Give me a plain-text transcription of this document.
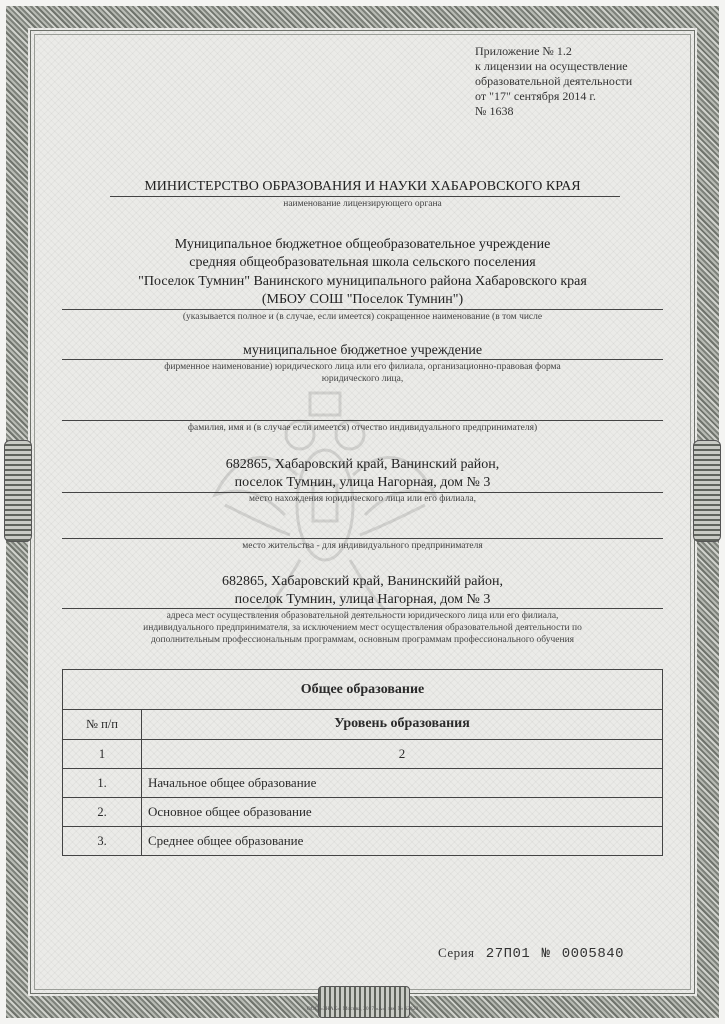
Приложение № 1.2
к лицензии на осуществление
образовательной деятельности
от "17" сентября 2014 г.
№ 1638
МИНИСТЕРСТВО ОБРАЗОВАНИЯ И НАУКИ ХАБАРОВСКОГО КРАЯ
наименование лицензирующего органа
Муниципальное бюджетное общеобразовательное учреждение
средняя общеобразовательная школа сельского поселения
"Поселок Тумнин" Ванинского муниципального района Хабаровского края
(МБОУ СОШ "Поселок Тумнин")
(указывается полное и (в случае, если имеется) сокращенное наименование (в том числе
муниципальное бюджетное учреждение
фирменное наименование) юридического лица или его филиала, организационно-правовая форма
юридического лица,
фамилия, имя и (в случае если имеется) отчество индивидуального предпринимателя)
682865, Хабаровский край, Ванинский район,
поселок Тумнин, улица Нагорная, дом № 3
место нахождения юридического лица или его филиала,
место жительства - для индивидуального предпринимателя
682865, Хабаровский край, Ванинскийй район,
поселок Тумнин, улица Нагорная, дом № 3
адреса мест осуществления образовательной деятельности юридического лица или его филиала,
индивидуального предпринимателя, за исключением мест осуществления образовательной деятельности по
дополнительным профессиональным программам, основным программам профессионального обучения
Общее образование
№ п/п	Уровень образования
1	2
1.	Начальное общее образование
2.	Основное общее образование
3.	Среднее общее образование
Серия 27П01 № 0005840
ООО «ЗНАК», Москва, 2017 «А», зак. № 62820
